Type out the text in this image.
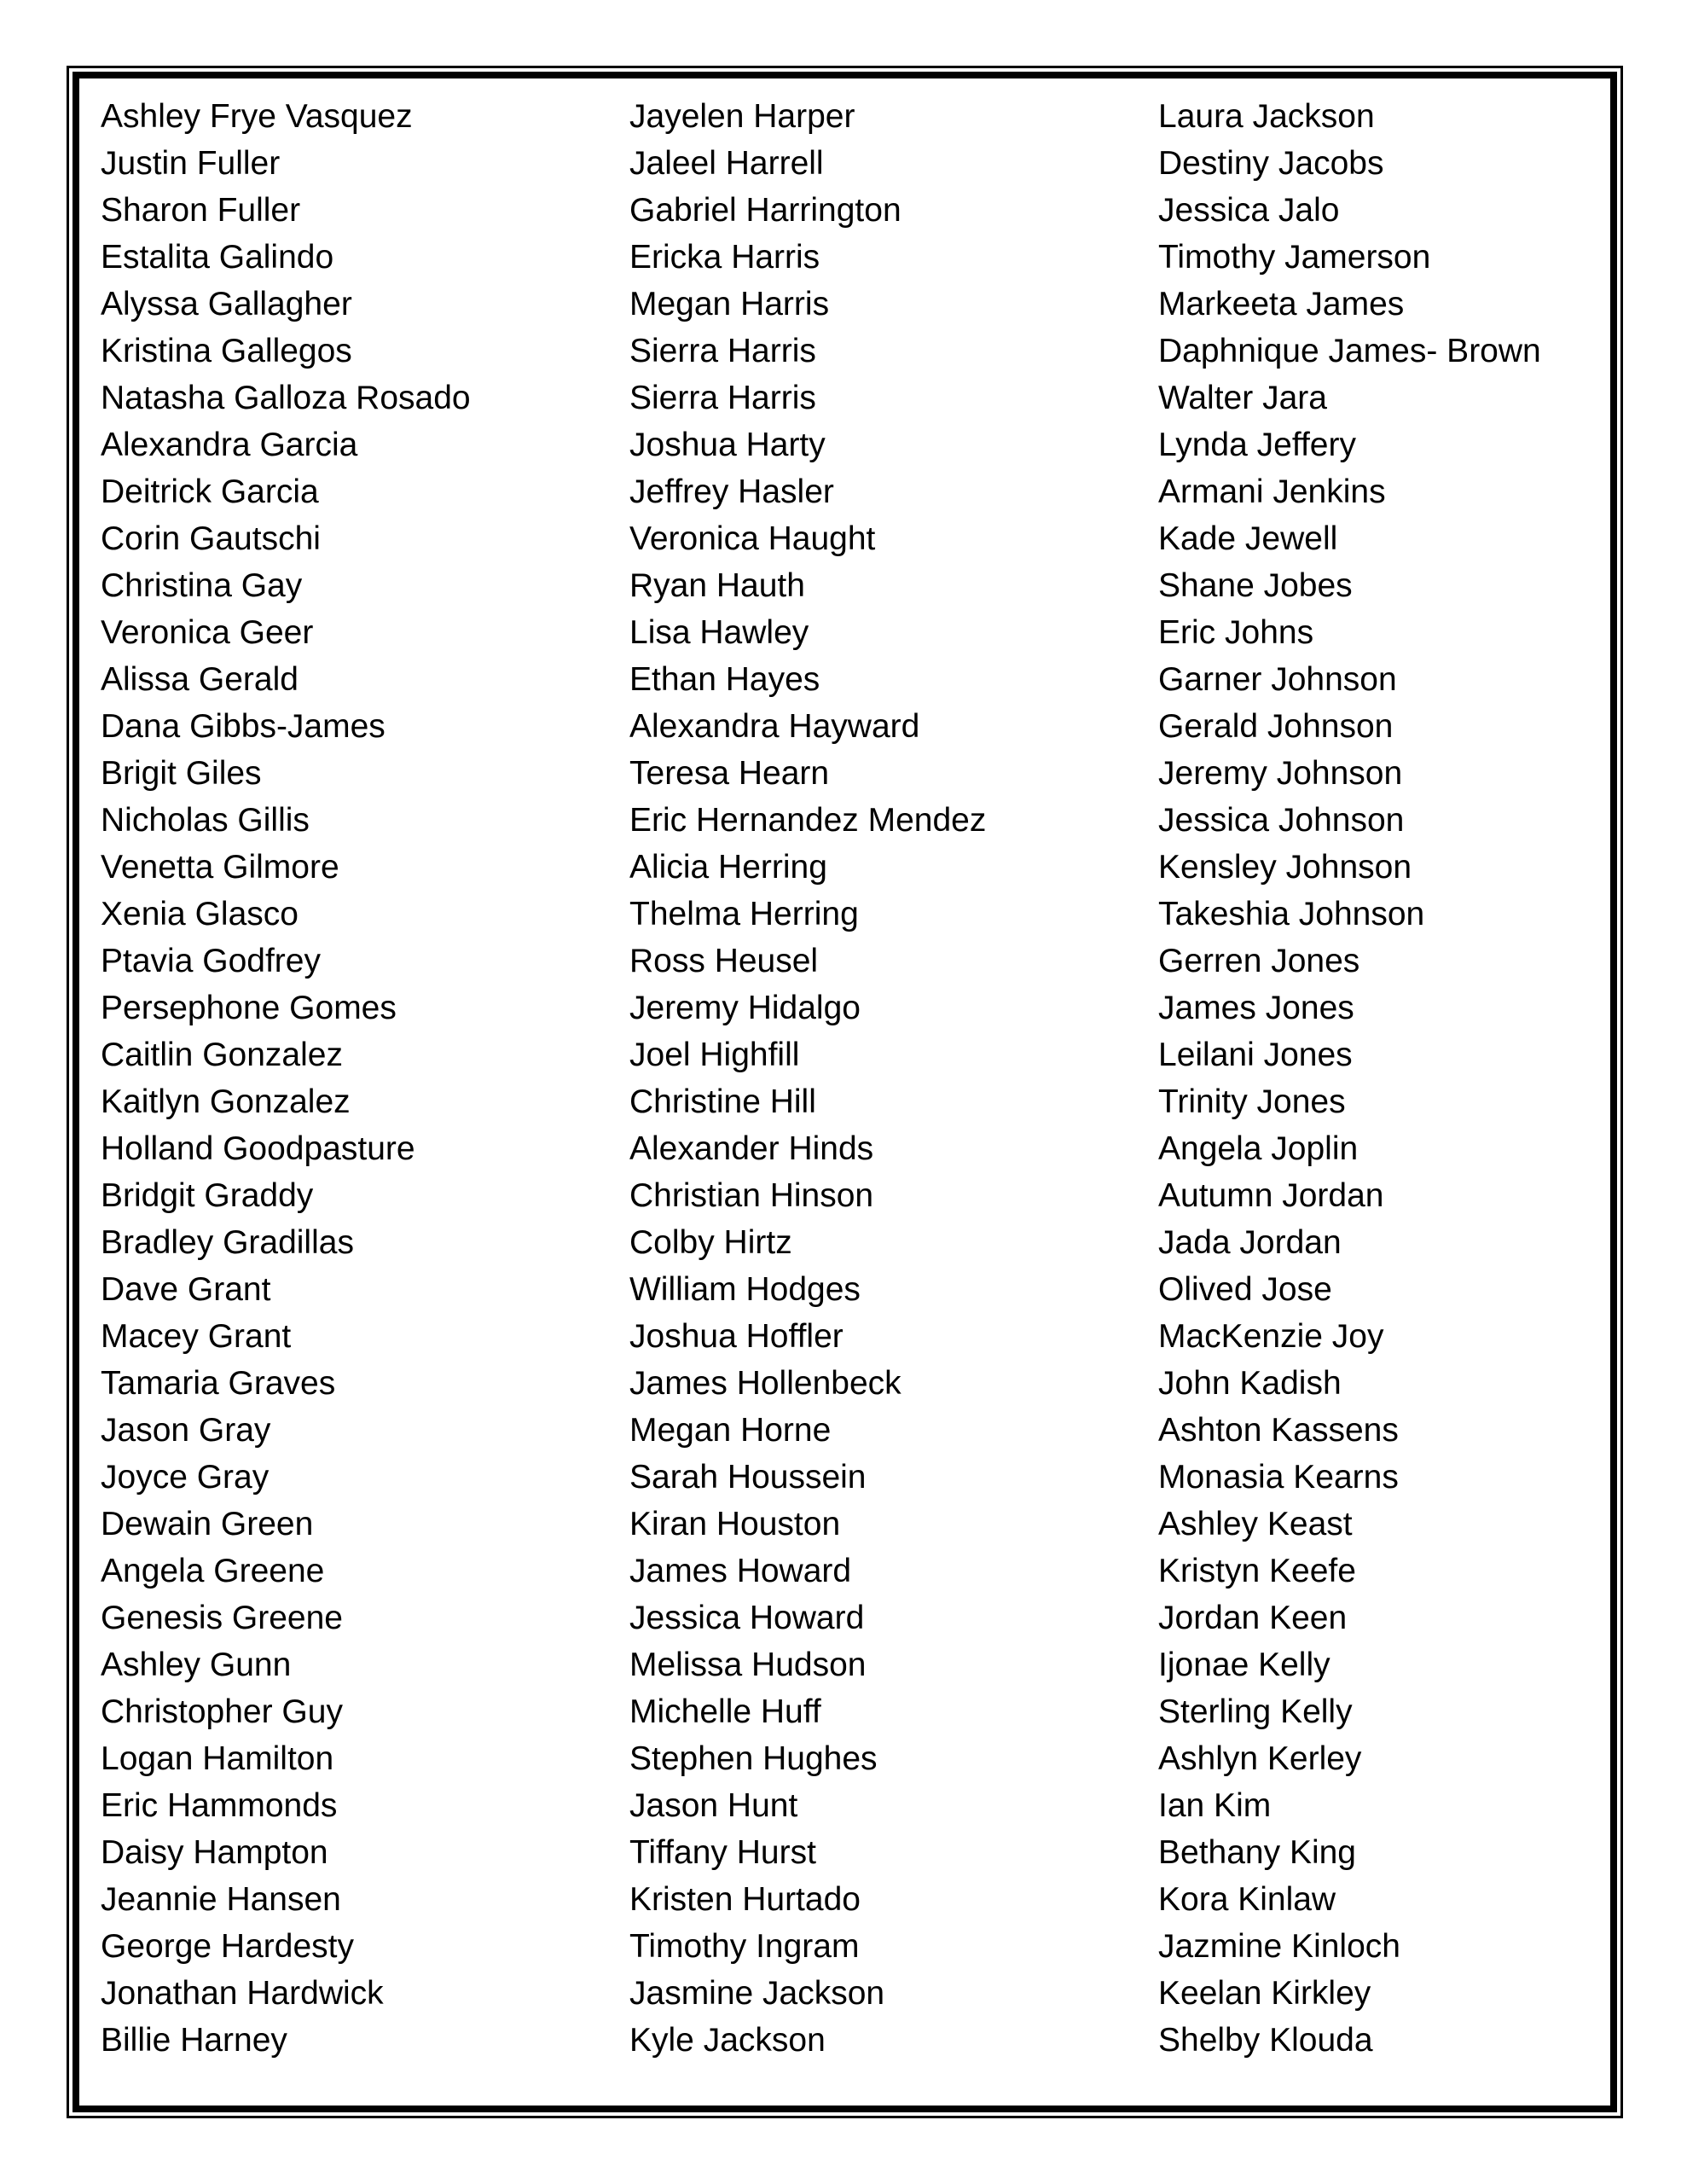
Ashley Frye Vasquez
Justin Fuller
Sharon Fuller
Estalita Galindo
Alyssa Gallagher
Kristina Gallegos
Natasha Galloza Rosado
Alexandra Garcia
Deitrick Garcia
Corin Gautschi
Christina Gay
Veronica Geer
Alissa Gerald
Dana Gibbs-James
Brigit Giles
Nicholas Gillis
Venetta Gilmore
Xenia Glasco
Ptavia Godfrey
Persephone Gomes
Caitlin Gonzalez
Kaitlyn Gonzalez
Holland Goodpasture
Bridgit Graddy
Bradley Gradillas
Dave Grant
Macey Grant
Tamaria Graves
Jason Gray
Joyce Gray
Dewain Green
Angela Greene
Genesis Greene
Ashley Gunn
Christopher Guy
Logan Hamilton
Eric Hammonds
Daisy Hampton
Jeannie Hansen
George Hardesty
Jonathan Hardwick
Billie Harney
Jayelen Harper
Jaleel Harrell
Gabriel Harrington
Ericka Harris
Megan Harris
Sierra Harris
Sierra Harris
Joshua Harty
Jeffrey Hasler
Veronica Haught
Ryan Hauth
Lisa Hawley
Ethan Hayes
Alexandra Hayward
Teresa Hearn
Eric Hernandez Mendez
Alicia Herring
Thelma Herring
Ross Heusel
Jeremy Hidalgo
Joel Highfill
Christine Hill
Alexander Hinds
Christian Hinson
Colby Hirtz
William Hodges
Joshua Hoffler
James Hollenbeck
Megan Horne
Sarah Houssein
Kiran Houston
James Howard
Jessica Howard
Melissa Hudson
Michelle Huff
Stephen Hughes
Jason Hunt
Tiffany Hurst
Kristen Hurtado
Timothy Ingram
Jasmine Jackson
Kyle Jackson
Laura Jackson
Destiny Jacobs
Jessica Jalo
Timothy Jamerson
Markeeta James
Daphnique James- Brown
Walter Jara
Lynda Jeffery
Armani Jenkins
Kade Jewell
Shane Jobes
Eric Johns
Garner Johnson
Gerald Johnson
Jeremy Johnson
Jessica Johnson
Kensley Johnson
Takeshia Johnson
Gerren Jones
James Jones
Leilani Jones
Trinity Jones
Angela Joplin
Autumn Jordan
Jada Jordan
Olived Jose
MacKenzie Joy
John Kadish
Ashton Kassens
Monasia Kearns
Ashley Keast
Kristyn Keefe
Jordan Keen
Ijonae Kelly
Sterling Kelly
Ashlyn Kerley
Ian Kim
Bethany King
Kora Kinlaw
Jazmine Kinloch
Keelan Kirkley
Shelby Klouda
